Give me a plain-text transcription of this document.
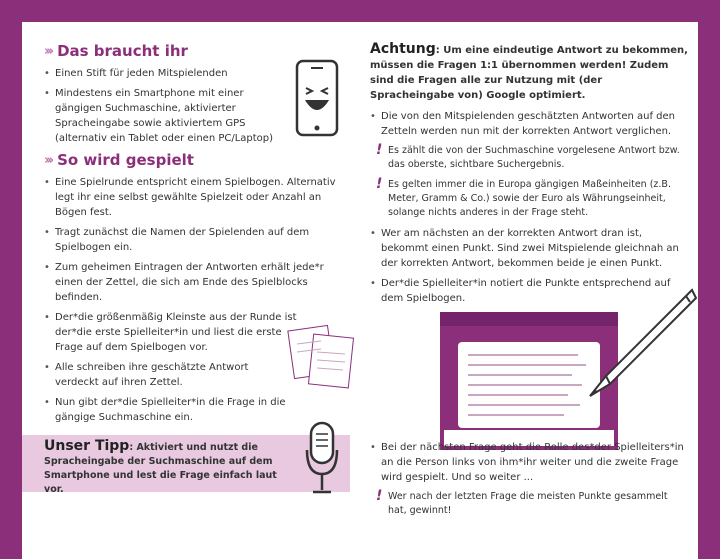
››› Das braucht ihr
• Einen Stift für jeden Mitspielenden
• Mindestens ein Smartphone mit einer gängigen Suchmaschine, aktivierter Spracheingabe sowie aktiviertem GPS (alternativ ein Tablet oder einen PC/Laptop)
››› So wird gespielt
• Eine Spielrunde entspricht einem Spielbogen. Alternativ legt ihr eine selbst gewählte Spielzeit oder Anzahl an Bögen fest.
• Tragt zunächst die Namen der Spielenden auf dem Spielbogen ein.
• Zum geheimen Eintragen der Antworten erhält jede*r einen der Zettel, die sich am Ende des Spielblocks befinden.
• Der*die größenmäßig Kleinste aus der Runde ist der*die erste Spielleiter*in und liest die erste Frage auf dem Spielbogen vor.
• Alle schreiben ihre geschätzte Antwort verdeckt auf ihren Zettel.
• Nun gibt der*die Spielleiter*in die Frage in die gängige Suchmaschine ein.
Unser Tipp: Aktiviert und nutzt die Spracheingabe der Suchmaschine auf dem Smartphone und lest die Frage einfach laut vor.
Achtung: Um eine eindeutige Antwort zu bekommen, müssen die Fragen 1:1 übernommen werden! Zudem sind die Fragen alle zur Nutzung mit (der Spracheingabe von) Google optimiert.
• Die von den Mitspielenden geschätzten Antworten auf den Zetteln werden nun mit der korrekten Antwort verglichen.
! Es zählt die von der Suchmaschine vorgelesene Antwort bzw. das oberste, sichtbare Suchergebnis.
! Es gelten immer die in Europa gängigen Maßeinheiten (z.B. Meter, Gramm & Co.) sowie der Euro als Währungseinheit, solange nichts anderes in der Frage steht.
• Wer am nächsten an der korrekten Antwort dran ist, bekommt einen Punkt. Sind zwei Mitspielende gleichnah an der korrekten Antwort, bekommen beide je einen Punkt.
• Der*die Spielleiter*in notiert die Punkte entsprechend auf dem Spielbogen.
• Bei der nächsten Frage geht die Rolle des*der Spielleiters*in an die Person links von ihm*ihr weiter und die zweite Frage wird gespielt. Und so weiter ...
! Wer nach der letzten Frage die meisten Punkte gesammelt hat, gewinnt!
